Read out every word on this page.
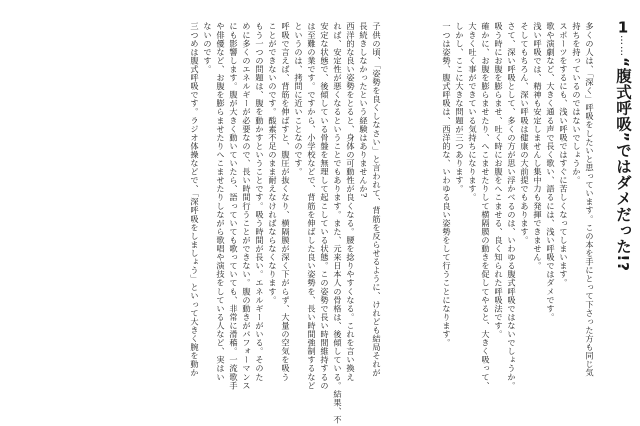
1……“腹式呼吸”ではダメだった!?
多くの人は、「深く」呼吸をしたいと思っています。この本を手にとって下さった方も同じ気
持ちを持っているのではないでしょうか。
スポーツをするにも、浅い呼吸ではすぐに苦しくなってしまいます。
歌や演劇など、大きく通る声で長く歌い、語るには、浅い呼吸ではダメです。
浅い呼吸では、精神も安定しませんし集中力も発揮できません。
そしてもちろん、深い呼吸は健康の大前提でもあります。
さて、深い呼吸として、多くの方が思い浮かべるのは、いわゆる腹式呼吸ではないでしょうか。
吸う時にお腹を膨らませ、吐く時にお腹をへこませる、良く知られた呼吸法です。
確かに、お腹を膨らませたり、へこませたりして横隔膜の動きを促してやると、大きく吸って、
大きく吐く事ができている気持ちになります。
しかし、ここに大きな問題が三つあります。
一つは姿勢、腹式呼吸は、西洋的な、いわゆる良い姿勢をして行うことになります。
子供の頃、「姿勢を良くしなさい」と言われて、背筋を反らせるように、けれども結局それが
長続きしなかったという経験はありませんか?
西洋的な良い姿勢をとると、身体の可動性が良くなる。腰を捻りやすくなる。これを言い換え
れば、安定性が悪くなるということでもあります。また、元来日本人の骨格は、後傾している。結果、不
安定な状態で、後傾している骨盤を無理して起こしている状態。この姿勢で長い時間維持するの
は至難の業です。ですから、小学校などで、背筋を伸ばした良い姿勢を、長い時間強制するなど
というのは、拷問に近いことなのです。
呼吸で言えば、背筋を伸ばすと、腹圧が抜くなり、横隔膜が深く下がらず、大量の空気を吸う
ことができないのです。酸素不足のまま耐えなければならなくなります。
もう一つの問題は、腹を動かすということです。吸う時間が長い。エネルギーがいる。そのた
めに多くのエネルギーが必要なので、長い時間行うことができない。腹の動きがパフォーマンス
にも影響します。腹が大きく動いていたら、語っていても歌っていても、非常に滑稽。一流歌手
や俳優など、お腹を膨らませたりへこませたりしながら歌唱や演技をしている人など、実はい
ないのです。
三つめは腹式呼吸です。ラジオ体操などで、「深呼吸をしましょう」といって大きく腕を動か
